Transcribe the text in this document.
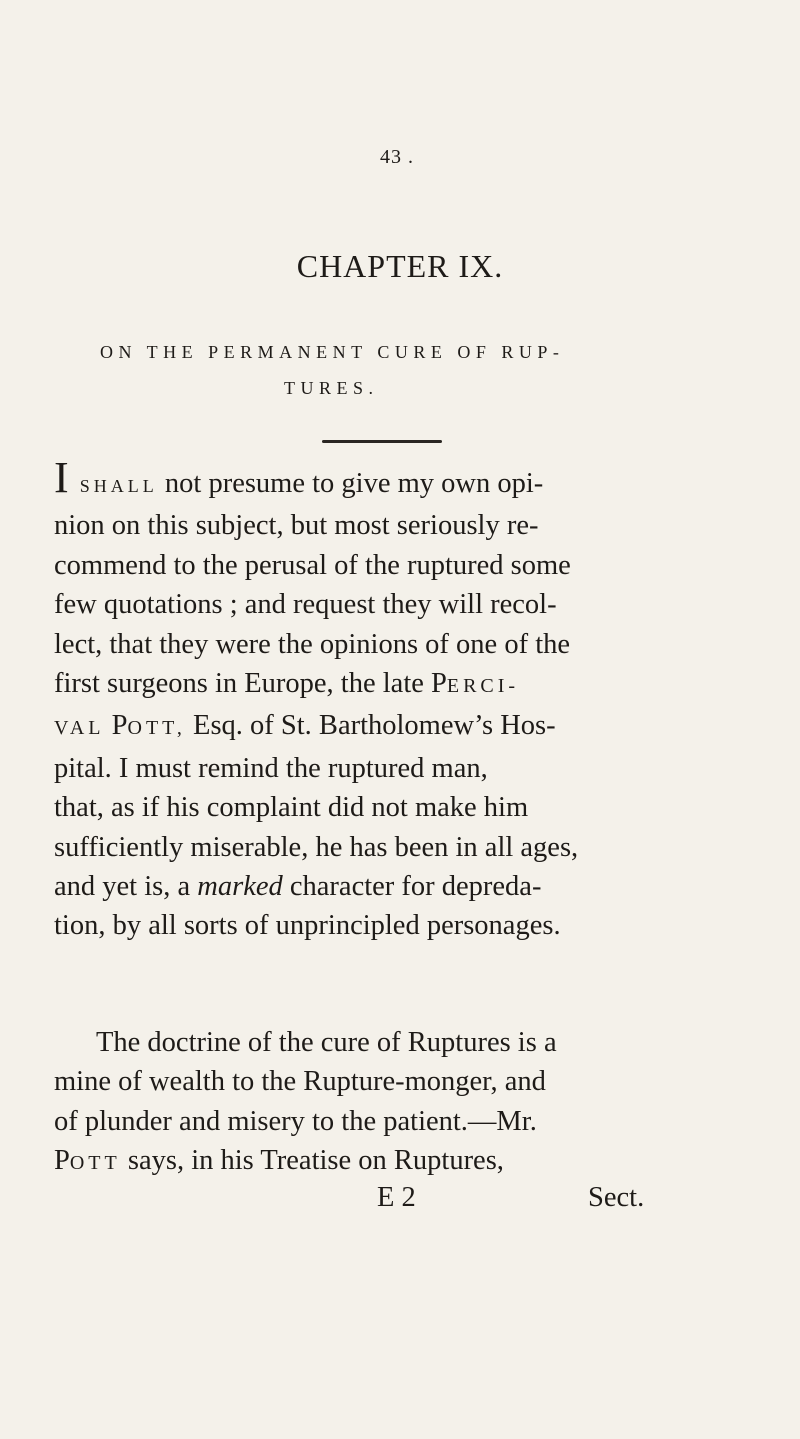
43 .
CHAPTER IX.
ON THE PERMANENT CURE OF RUP-
TURES.
I SHALL not presume to give my own opi-
nion on this subject, but most seriously re-
commend to the perusal of the ruptured some
few quotations ; and request they will recol-
lect, that they were the opinions of one of the
first surgeons in Europe, the late PERCI-
VAL POTT, Esq. of St. Bartholomew’s Hos-
pital. I must remind the ruptured man,
that, as if his complaint did not make him
sufficiently miserable, he has been in all ages,
and yet is, a marked character for depreda-
tion, by all sorts of unprincipled personages.
The doctrine of the cure of Ruptures is a
mine of wealth to the Rupture-monger, and
of plunder and misery to the patient.—Mr.
POTT says, in his Treatise on Ruptures,
E 2	Sect.
